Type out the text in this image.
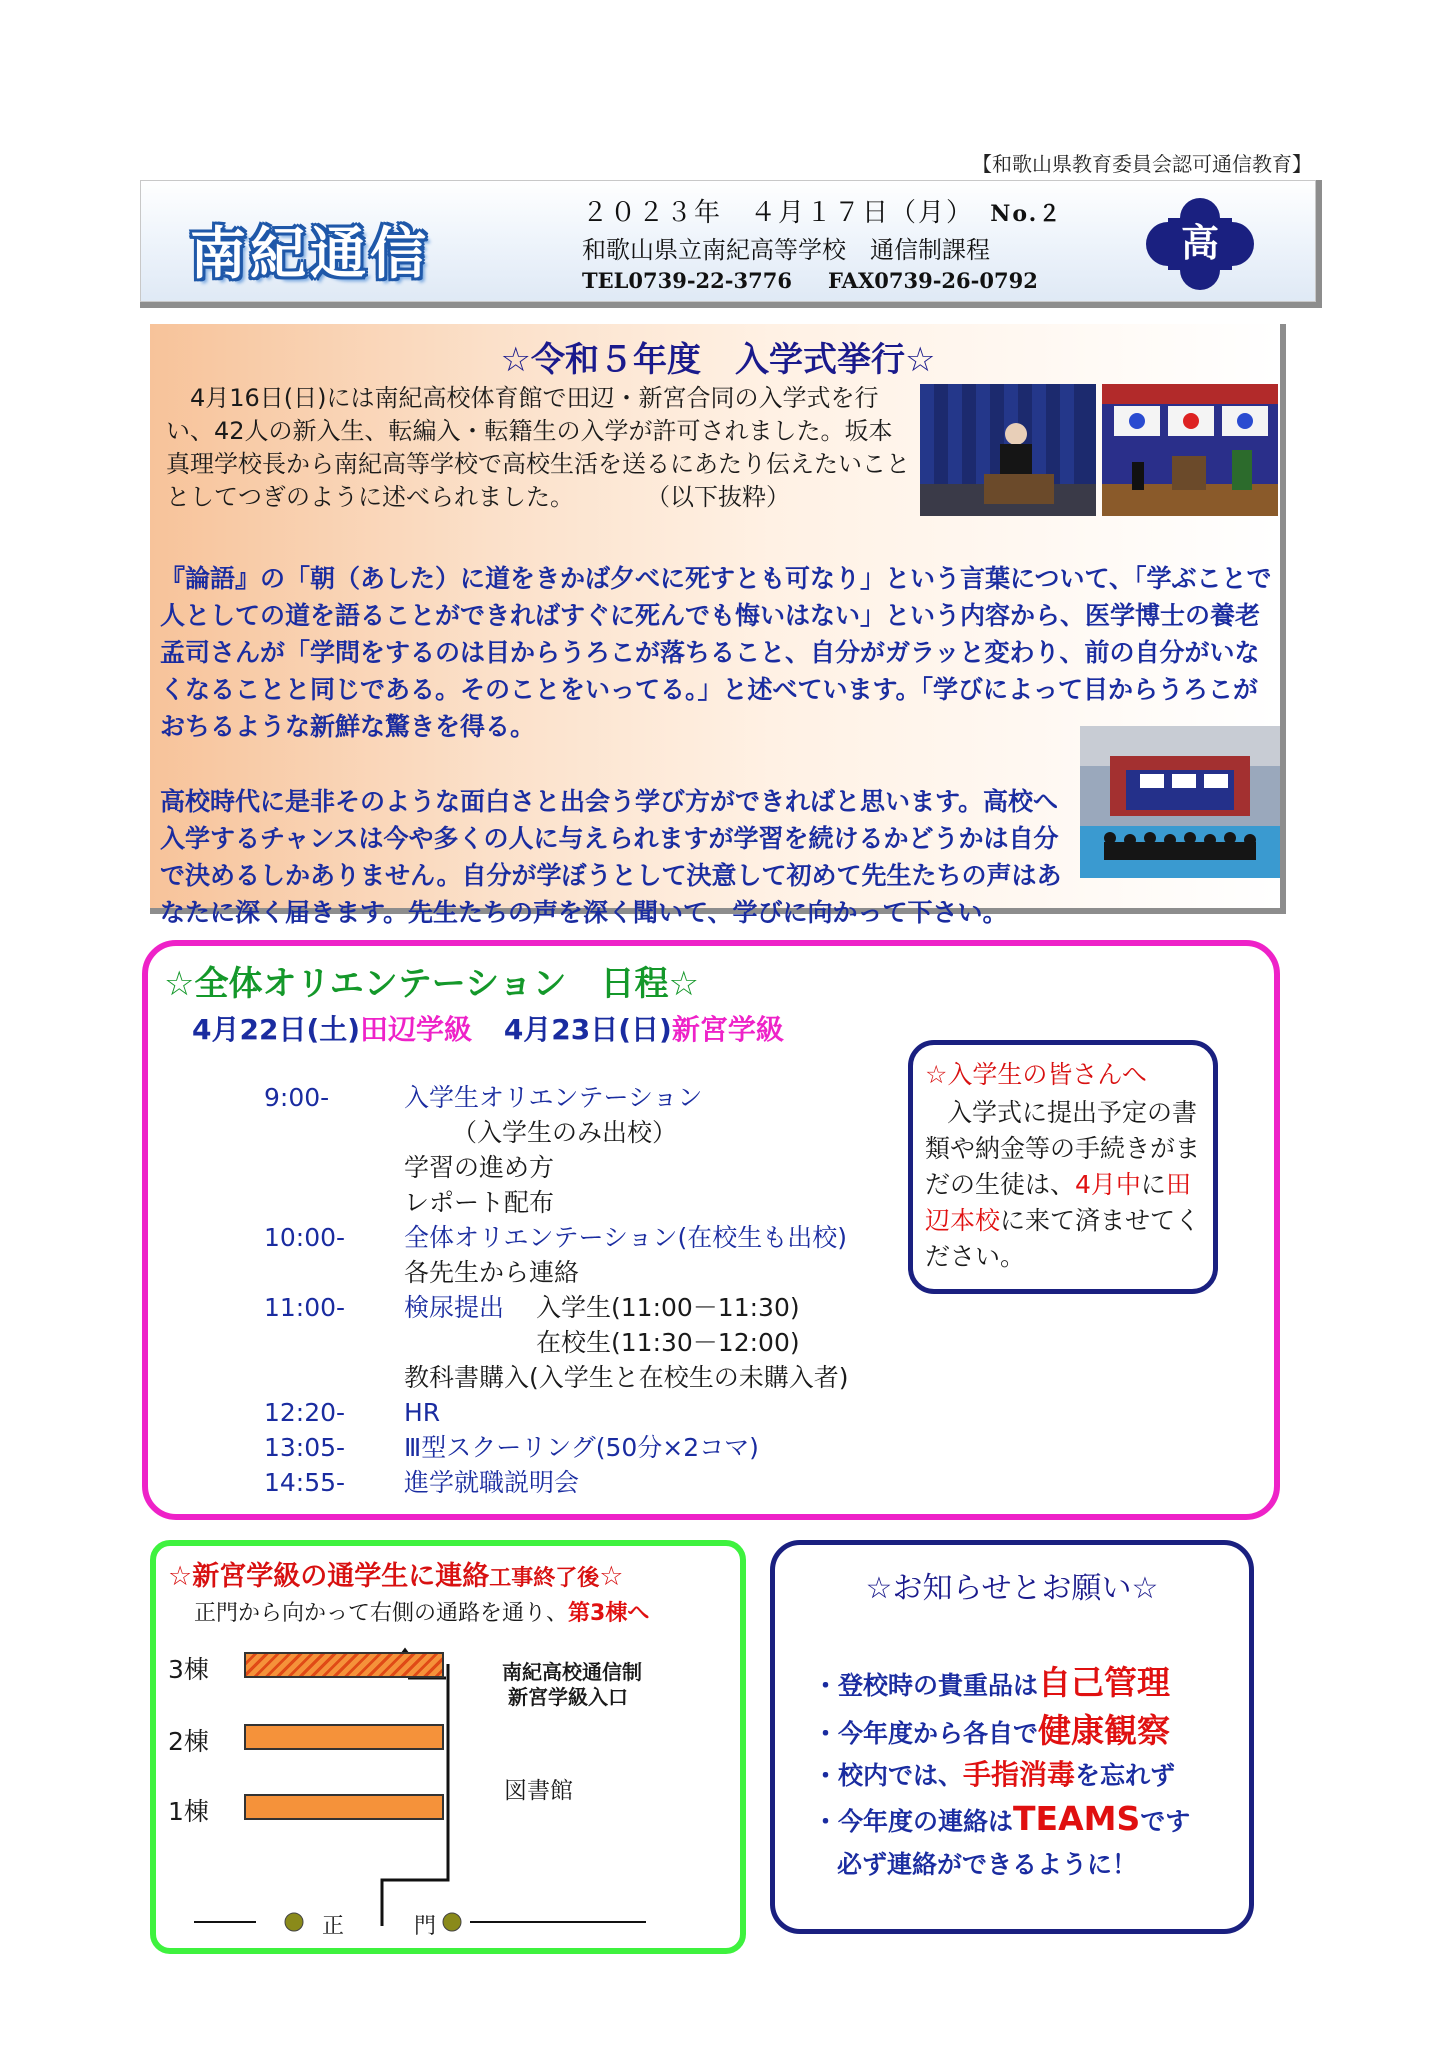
【和歌山県教育委員会認可通信教育】
南紀通信
２０２３年　４月１７日（月） No.２
和歌山県立南紀高等学校　通信制課程
TEL0739-22-3776 FAX0739-26-0792
高
☆令和５年度　入学式挙行☆

4月16日(日)には南紀高校体育館で田辺・新宮合同の入学式を行い、42人の新入生、転編入・転籍生の入学が許可されました。坂本真理学校長から南紀高等学校で高校生活を送るにあたり伝えたいこととしてつぎのように述べられました。　　　　（以下抜粋）

『論語』の「朝（あした）に道をきかば夕べに死すとも可なり」という言葉について、「学ぶことで人としての道を語ることができればすぐに死んでも悔いはない」という内容から、医学博士の養老孟司さんが「学問をするのは目からうろこが落ちること、自分がガラッと変わり、前の自分がいなくなることと同じである。そのことをいってる。」と述べています。「学びによって目からうろこがおちるような新鮮な驚きを得る。
高校時代に是非そのような面白さと出会う学び方ができればと思います。高校へ入学するチャンスは今や多くの人に与えられますが学習を続けるかどうかは自分で決めるしかありません。自分が学ぼうとして決意して初めて先生たちの声はあなたに深く届きます。先生たちの声を深く聞いて、学びに向かって下さい。
☆全体オリエンテーション　日程☆
4月22日(土)田辺学級 4月23日(日)新宮学級
9:00-	入学生オリエンテーション
（入学生のみ出校）
学習の進め方
レポート配布
10:00- 全体オリエンテーション(在校生も出校)
各先生から連絡
11:00- 検尿提出 入学生(11:00－11:30)
在校生(11:30－12:00)
教科書購入(入学生と在校生の未購入者)
12:20- HR
13:05- Ⅲ型スクーリング(50分×2コマ)
14:55- 進学就職説明会
☆入学生の皆さんへ
入学式に提出予定の書類や納金等の手続きがまだの生徒は、4月中に田辺本校に来て済ませてください。
☆新宮学級の通学生に連絡工事終了後☆
正門から向かって右側の通路を通り、第3棟へ
3棟
2棟
1棟
南紀高校通信制
新宮学級入口
図書館
正	門
☆お知らせとお願い☆
・登校時の貴重品は自己管理
・今年度から各自で健康観察
・校内では、手指消毒を忘れず
・今年度の連絡はTEAMSです
必ず連絡ができるように！
